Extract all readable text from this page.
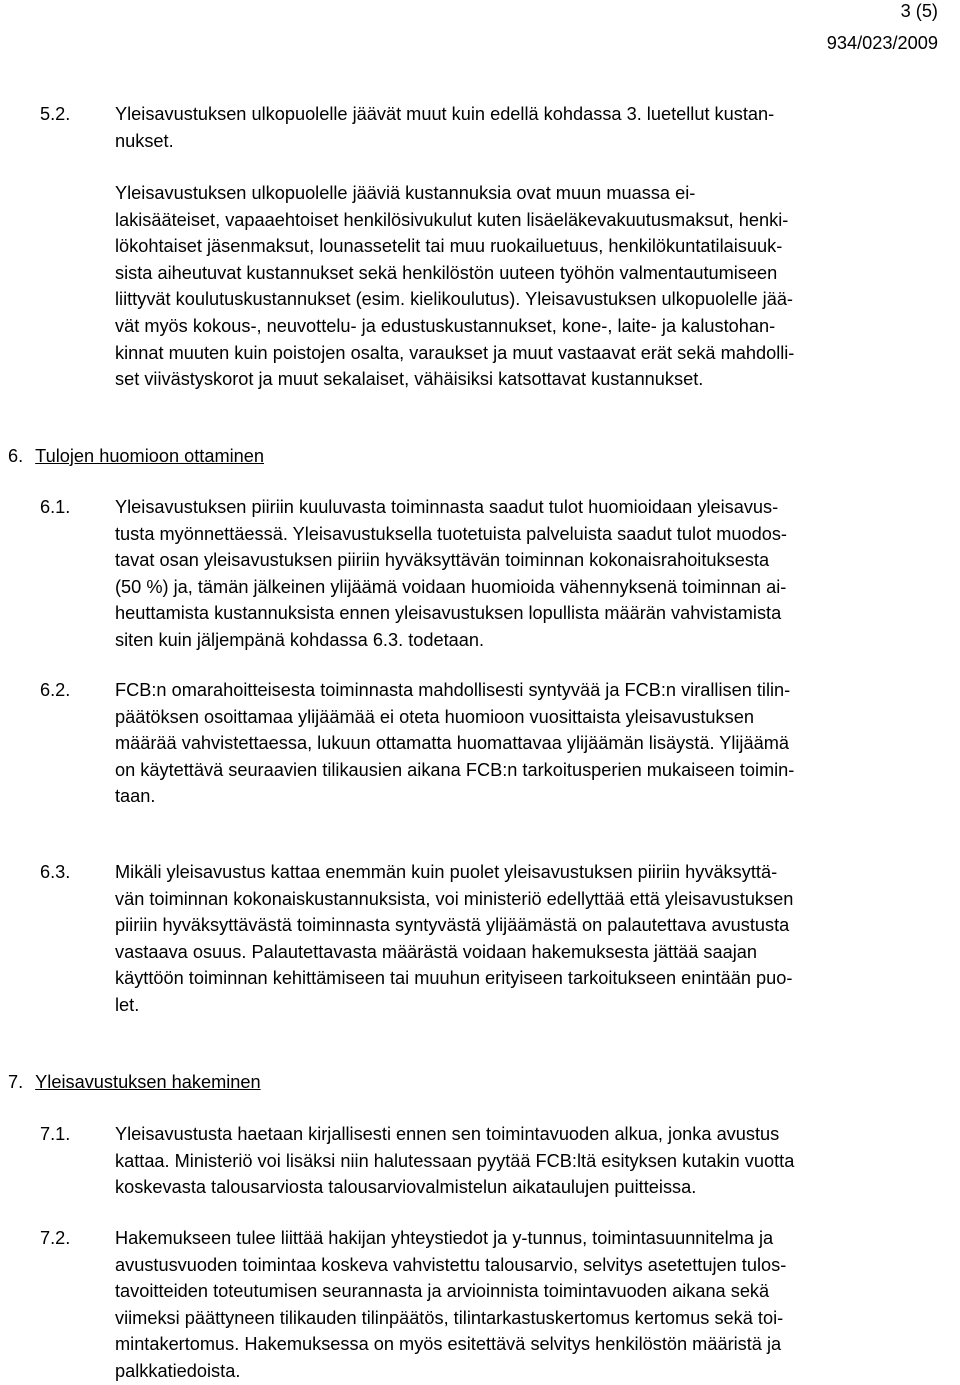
3 (5)
934/023/2009
5.2. Yleisavustuksen ulkopuolelle jäävät muut kuin edellä kohdassa 3. luetellut kustan-
nukset.
Yleisavustuksen ulkopuolelle jääviä kustannuksia ovat muun muassa ei-
lakisääteiset, vapaaehtoiset henkilösivukulut kuten lisäeläkevakuutusmaksut, henki-
lökohtaiset jäsenmaksut, lounassetelit tai muu ruokailuetuus, henkilökuntatilaisuuk-
sista aiheutuvat kustannukset sekä henkilöstön uuteen työhön valmentautumiseen
liittyvät koulutuskustannukset (esim. kielikoulutus). Yleisavustuksen ulkopuolelle jää-
vät myös kokous-, neuvottelu- ja edustuskustannukset, kone-, laite- ja kalustohan-
kinnat muuten kuin poistojen osalta, varaukset ja muut vastaavat erät sekä mahdolli-
set viivästyskorot ja muut sekalaiset, vähäisiksi katsottavat kustannukset.
6. Tulojen huomioon ottaminen
6.1. Yleisavustuksen piiriin kuuluvasta toiminnasta saadut tulot huomioidaan yleisavus-
tusta myönnettäessä. Yleisavustuksella tuotetuista palveluista saadut tulot muodos-
tavat osan yleisavustuksen piiriin hyväksyttävän toiminnan kokonaisrahoituksesta
(50 %) ja, tämän jälkeinen ylijäämä voidaan huomioida vähennyksenä toiminnan ai-
heuttamista kustannuksista ennen yleisavustuksen lopullista määrän vahvistamista
siten kuin jäljempänä kohdassa 6.3. todetaan.
6.2. FCB:n omarahoitteisesta toiminnasta mahdollisesti syntyvää ja FCB:n virallisen tilin-
päätöksen osoittamaa ylijäämää ei oteta huomioon vuosittaista yleisavustuksen
määrää vahvistettaessa, lukuun ottamatta huomattavaa ylijäämän lisäystä. Ylijäämä
on käytettävä seuraavien tilikausien aikana FCB:n tarkoitusperien mukaiseen toimin-
taan.
6.3. Mikäli yleisavustus kattaa enemmän kuin puolet yleisavustuksen piiriin hyväksyttä-
vän toiminnan kokonaiskustannuksista, voi ministeriö edellyttää että yleisavustuksen
piiriin hyväksyttävästä toiminnasta syntyvästä ylijäämästä on palautettava avustusta
vastaava osuus. Palautettavasta määrästä voidaan hakemuksesta jättää saajan
käyttöön toiminnan kehittämiseen tai muuhun erityiseen tarkoitukseen enintään puo-
let.
7. Yleisavustuksen hakeminen
7.1. Yleisavustusta haetaan kirjallisesti ennen sen toimintavuoden alkua, jonka avustus
kattaa. Ministeriö voi lisäksi niin halutessaan pyytää FCB:ltä esityksen kutakin vuotta
koskevasta talousarviosta talousarviovalmistelun aikataulujen puitteissa.
7.2. Hakemukseen tulee liittää hakijan yhteystiedot ja y-tunnus, toimintasuunnitelma ja
avustusvuoden toimintaa koskeva vahvistettu talousarvio, selvitys asetettujen tulos-
tavoitteiden toteutumisen seurannasta ja arvioinnista toimintavuoden aikana sekä
viimeksi päättyneen tilikauden tilinpäätös, tilintarkastuskertomus kertomus sekä toi-
mintakertomus. Hakemuksessa on myös esitettävä selvitys henkilöstön määristä ja
palkkatiedoista.
